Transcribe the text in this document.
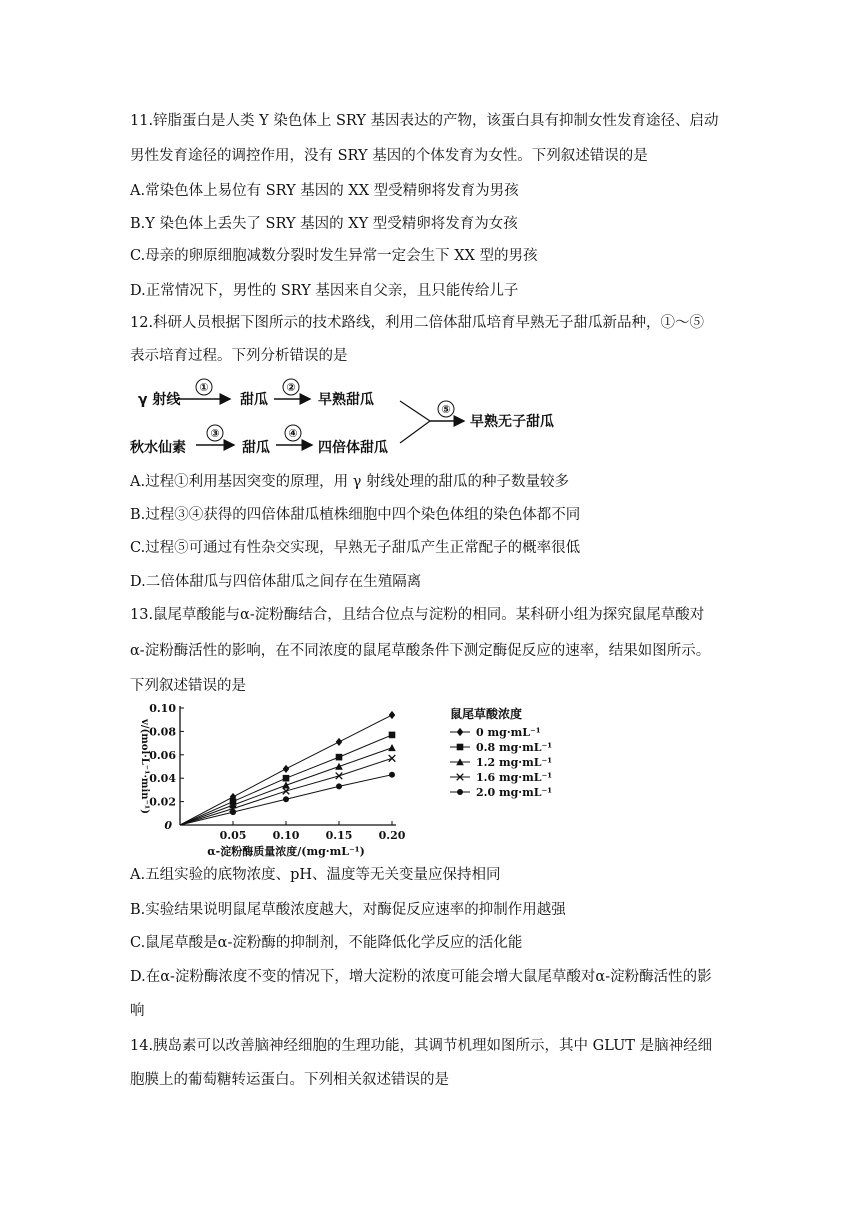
11.锌脂蛋白是人类 Y 染色体上 SRY 基因表达的产物，该蛋白具有抑制女性发育途径、启动
男性发育途径的调控作用，没有 SRY 基因的个体发育为女性。下列叙述错误的是
A.常染色体上易位有 SRY 基因的 XX 型受精卵将发育为男孩
B.Y 染色体上丢失了 SRY 基因的 XY 型受精卵将发育为女孩
C.母亲的卵原细胞减数分裂时发生异常一定会生下 XX 型的男孩
D.正常情况下，男性的 SRY 基因来自父亲，且只能传给儿子
12.科研人员根据下图所示的技术路线，利用二倍体甜瓜培育早熟无子甜瓜新品种，①～⑤
表示培育过程。下列分析错误的是
γ 射线
①
甜瓜
②
早熟甜瓜
秋水仙素
③
甜瓜
④
四倍体甜瓜
⑤
早熟无子甜瓜
A.过程①利用基因突变的原理，用 γ 射线处理的甜瓜的种子数量较多
B.过程③④获得的四倍体甜瓜植株细胞中四个染色体组的染色体都不同
C.过程⑤可通过有性杂交实现，早熟无子甜瓜产生正常配子的概率很低
D.二倍体甜瓜与四倍体甜瓜之间存在生殖隔离
13.鼠尾草酸能与α-淀粉酶结合，且结合位点与淀粉的相同。某科研小组为探究鼠尾草酸对
α-淀粉酶活性的影响，在不同浓度的鼠尾草酸条件下测定酶促反应的速率，结果如图所示。
下列叙述错误的是
0.02
0.04
0.06
0.08
0.10
0.05 0.10 0.15 0.20
0
α-淀粉酶质量浓度/(mg·mL⁻¹)
v/(mol·L⁻¹·min⁻¹)
鼠尾草酸浓度
0 mg·mL⁻¹
0.8 mg·mL⁻¹
1.2 mg·mL⁻¹
1.6 mg·mL⁻¹
2.0 mg·mL⁻¹
A.五组实验的底物浓度、pH、温度等无关变量应保持相同
B.实验结果说明鼠尾草酸浓度越大，对酶促反应速率的抑制作用越强
C.鼠尾草酸是α-淀粉酶的抑制剂，不能降低化学反应的活化能
D.在α-淀粉酶浓度不变的情况下，增大淀粉的浓度可能会增大鼠尾草酸对α-淀粉酶活性的影
响
14.胰岛素可以改善脑神经细胞的生理功能，其调节机理如图所示，其中 GLUT 是脑神经细
胞膜上的葡萄糖转运蛋白。下列相关叙述错误的是
